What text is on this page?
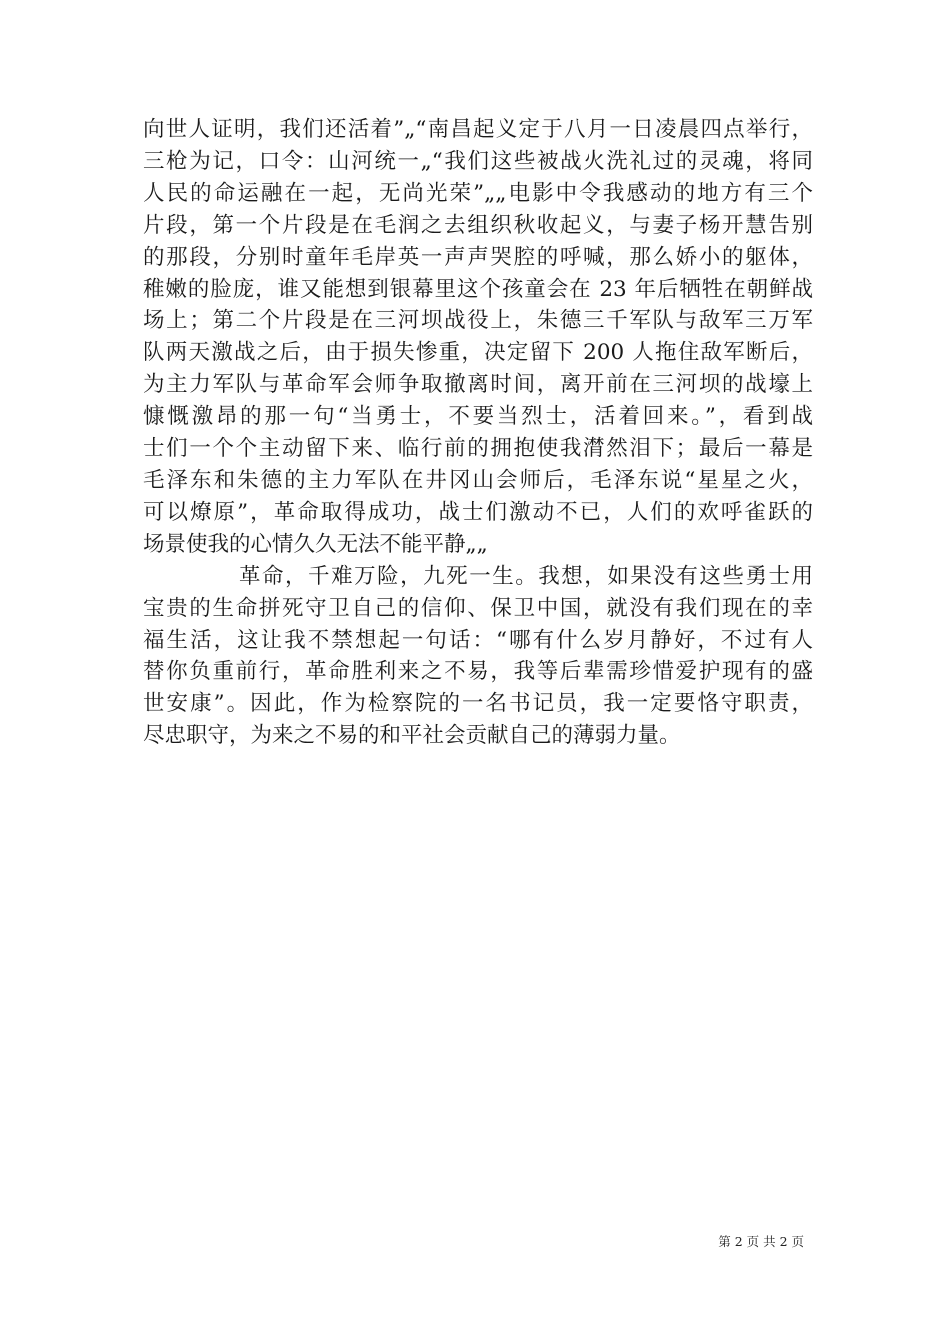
向世人证明，我们还活着”„“南昌起义定于八月一日凌晨四点举行，
三枪为记，口令：山河统一„“我们这些被战火洗礼过的灵魂，将同
人民的命运融在一起，无尚光荣”„„电影中令我感动的地方有三个
片段，第一个片段是在毛润之去组织秋收起义，与妻子杨开慧告别
的那段，分别时童年毛岸英一声声哭腔的呼喊，那么娇小的躯体，
稚嫩的脸庞，谁又能想到银幕里这个孩童会在 23 年后牺牲在朝鲜战
场上；第二个片段是在三河坝战役上，朱德三千军队与敌军三万军
队两天激战之后，由于损失惨重，决定留下 200 人拖住敌军断后，
为主力军队与革命军会师争取撤离时间，离开前在三河坝的战壕上
慷慨激昂的那一句“当勇士，不要当烈士，活着回来。”，看到战
士们一个个主动留下来、临行前的拥抱使我潸然泪下；最后一幕是
毛泽东和朱德的主力军队在井冈山会师后，毛泽东说“星星之火，
可以燎原”，革命取得成功，战士们激动不已，人们的欢呼雀跃的
场景使我的心情久久无法不能平静„„
革命，千难万险，九死一生。我想，如果没有这些勇士用
宝贵的生命拼死守卫自己的信仰、保卫中国，就没有我们现在的幸
福生活，这让我不禁想起一句话：“哪有什么岁月静好，不过有人
替你负重前行，革命胜利来之不易，我等后辈需珍惜爱护现有的盛
世安康”。因此，作为检察院的一名书记员，我一定要恪守职责，
尽忠职守，为来之不易的和平社会贡献自己的薄弱力量。
第 2 页 共 2 页
